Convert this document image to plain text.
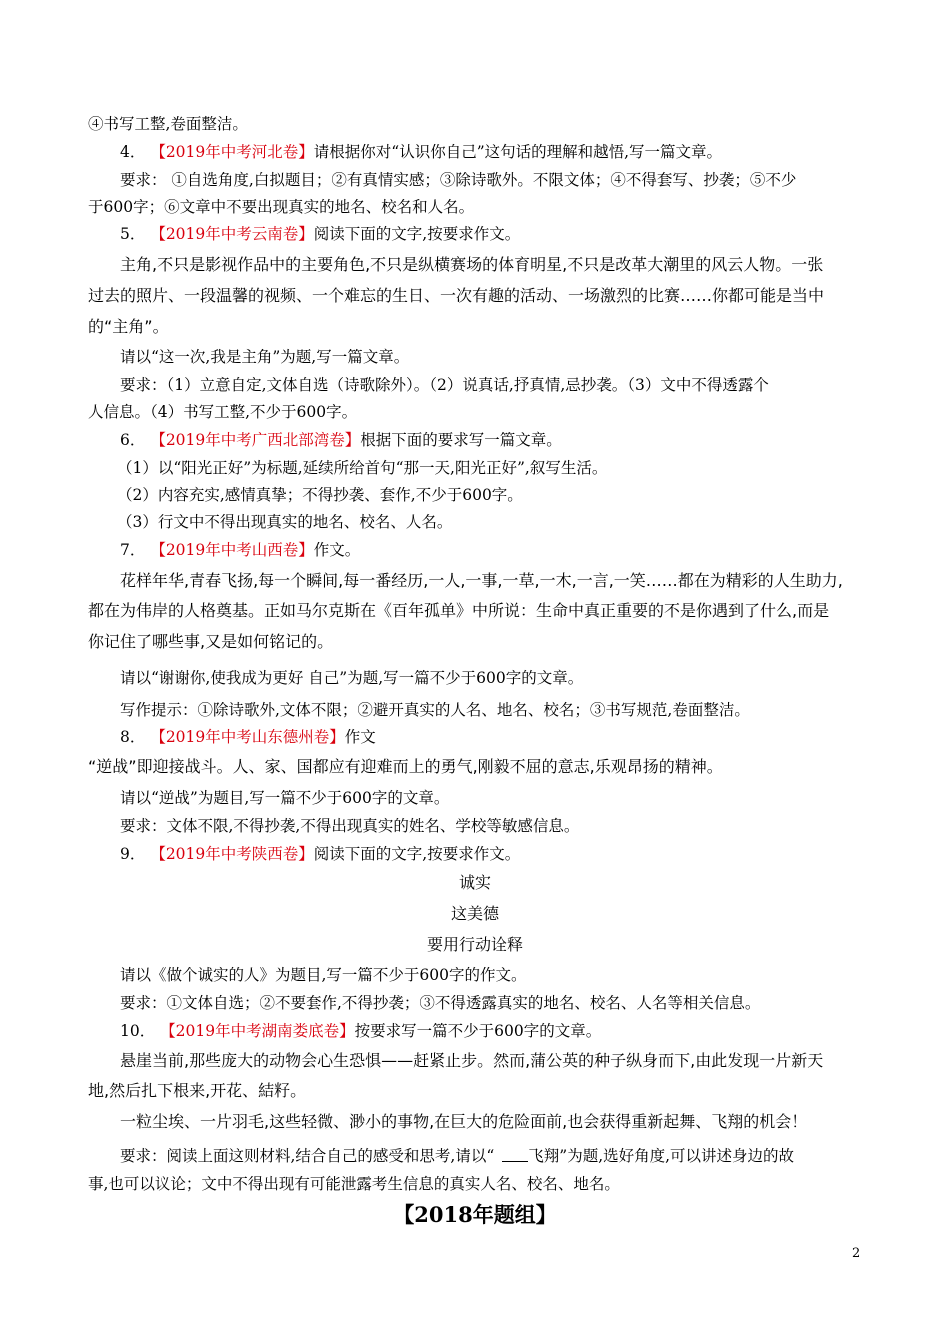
④书写工整,卷面整洁。
4． 【2019年中考河北卷】请根据你对“认识你自己”这句话的理解和越悟,写一篇文章。
要求： ①自选角度,白拟题目；②有真情实感；③除诗歌外。不限文体；④不得套写、抄袭；⑤不少
于600字；⑥文章中不要出现真实的地名、校名和人名。
5． 【2019年中考云南卷】阅读下面的文字,按要求作文。
主角,不只是影视作品中的主要角色,不只是纵横赛场的体育明星,不只是改革大潮里的风云人物。一张
过去的照片、一段温馨的视频、一个难忘的生日、一次有趣的活动、一场激烈的比赛……你都可能是当中
的“主角”。
请以“这一次,我是主角”为题,写一篇文章。
要求：（1）立意自定,文体自选（诗歌除外）。（2）说真话,抒真情,忌抄袭。（3）文中不得透露个
人信息。（4）书写工整,不少于600字。
6． 【2019年中考广西北部湾卷】根据下面的要求写一篇文章。
（1）以“阳光正好”为标题,延续所给首句“那一天,阳光正好”,叙写生活。
（2）内容充实,感情真挚；不得抄袭、套作,不少于600字。
（3）行文中不得出现真实的地名、校名、人名。
7． 【2019年中考山西卷】作文。
花样年华,青春飞扬,每一个瞬间,每一番经历,一人,一事,一草,一木,一言,一笑……都在为精彩的人生助力,
都在为伟岸的人格奠基。正如马尔克斯在《百年孤单》中所说：生命中真正重要的不是你遇到了什么,而是
你记住了哪些事,又是如何铭记的。
请以“谢谢你,使我成为更好 自己”为题,写一篇不少于600字的文章。
写作提示：①除诗歌外,文体不限；②避开真实的人名、地名、校名；③书写规范,卷面整洁。
8． 【2019年中考山东德州卷】作文
“逆战”即迎接战斗。人、家、国都应有迎难而上的勇气,刚毅不屈的意志,乐观昂扬的精神。
请以“逆战”为题目,写一篇不少于600字的文章。
要求：文体不限,不得抄袭,不得出现真实的姓名、学校等敏感信息。
9． 【2019年中考陕西卷】阅读下面的文字,按要求作文。
诚实
这美德
要用行动诠释
请以《做个诚实的人》为题目,写一篇不少于600字的作文。
要求：①文体自选；②不要套作,不得抄袭；③不得透露真实的地名、校名、人名等相关信息。
10． 【2019年中考湖南娄底卷】按要求写一篇不少于600字的文章。
悬崖当前,那些庞大的动物会心生恐惧——赶紧止步。然而,蒲公英的种子纵身而下,由此发现一片新天
地,然后扎下根来,开花、結籽。
一粒尘埃、一片羽毛,这些轻微、渺小的事物,在巨大的危险面前,也会获得重新起舞、飞翔的机会！
要求：阅读上面这则材料,结合自己的感受和思考,请以“ 飞翔”为题,选好角度,可以讲述身边的故
事,也可以议论；文中不得出现有可能泄露考生信息的真实人名、校名、地名。
【2018年题组】
2
